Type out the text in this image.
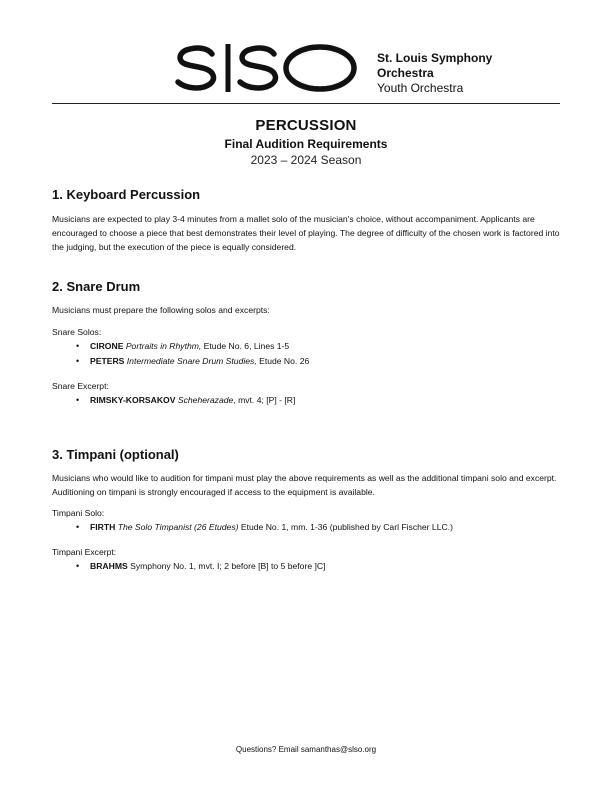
St. Louis Symphony
Orchestra
Youth Orchestra
PERCUSSION
Final Audition Requirements
2023 – 2024 Season
1. Keyboard Percussion
Musicians are expected to play 3-4 minutes from a mallet solo of the musician’s choice, without accompaniment. Applicants are encouraged to choose a piece that best demonstrates their level of playing. The degree of difficulty of the chosen work is factored into the judging, but the execution of the piece is equally considered.
2. Snare Drum
Musicians must prepare the following solos and excerpts:
Snare Solos:
• CIRONE Portraits in Rhythm, Etude No. 6, Lines 1-5
• PETERS Intermediate Snare Drum Studies, Etude No. 26
Snare Excerpt:
• RIMSKY-KORSAKOV Scheherazade, mvt. 4; [P] - [R]
3. Timpani (optional)
Musicians who would like to audition for timpani must play the above requirements as well as the additional timpani solo and excerpt. Auditioning on timpani is strongly encouraged if access to the equipment is available.
Timpani Solo:
• FIRTH The Solo Timpanist (26 Etudes) Etude No. 1, mm. 1-36 (published by Carl Fischer LLC.)
Timpani Excerpt:
• BRAHMS Symphony No. 1, mvt. I; 2 before [B] to 5 before ]C]
Questions? Email samanthas@slso.org
